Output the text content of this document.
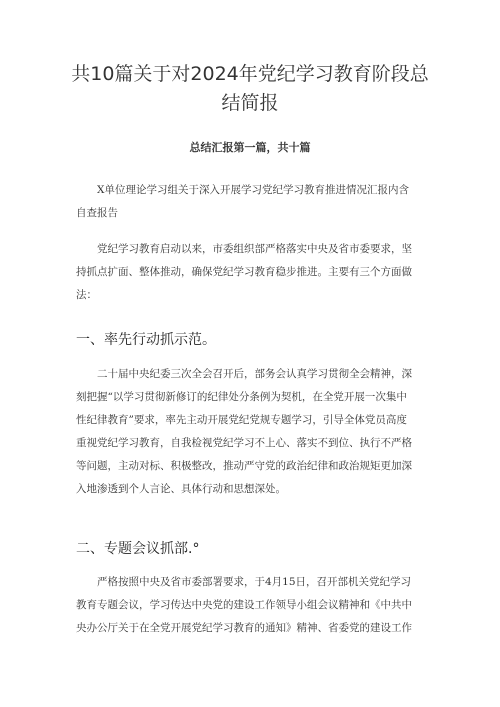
共10篇关于对2024年党纪学习教育阶段总
结简报
总结汇报第一篇，共十篇
X单位理论学习组关于深入开展学习党纪学习教育推进情况汇报内含
自查报告
党纪学习教育启动以来，市委组织部严格落实中央及省市委要求，坚
持抓点扩面、整体推动，确保党纪学习教育稳步推进。主要有三个方面做
法：
一、率先行动抓示范。
二十届中央纪委三次全会召开后，部务会认真学习贯彻全会精神，深
刻把握“以学习贯彻新修订的纪律处分条例为契机，在全党开展一次集中
性纪律教育”要求，率先主动开展党纪党规专题学习，引导全体党员高度
重视党纪学习教育，自我检视党纪学习不上心、落实不到位、执行不严格
等问题，主动对标、积极整改，推动严守党的政治纪律和政治规矩更加深
入地渗透到个人言论、具体行动和思想深处。
二、专题会议抓部.°
严格按照中央及省市委部署要求，于4月15日，召开部机关党纪学习
教育专题会议，学习传达中央党的建设工作领导小组会议精神和《中共中
央办公厅关于在全党开展党纪学习教育的通知》精神、省委党的建设工作
